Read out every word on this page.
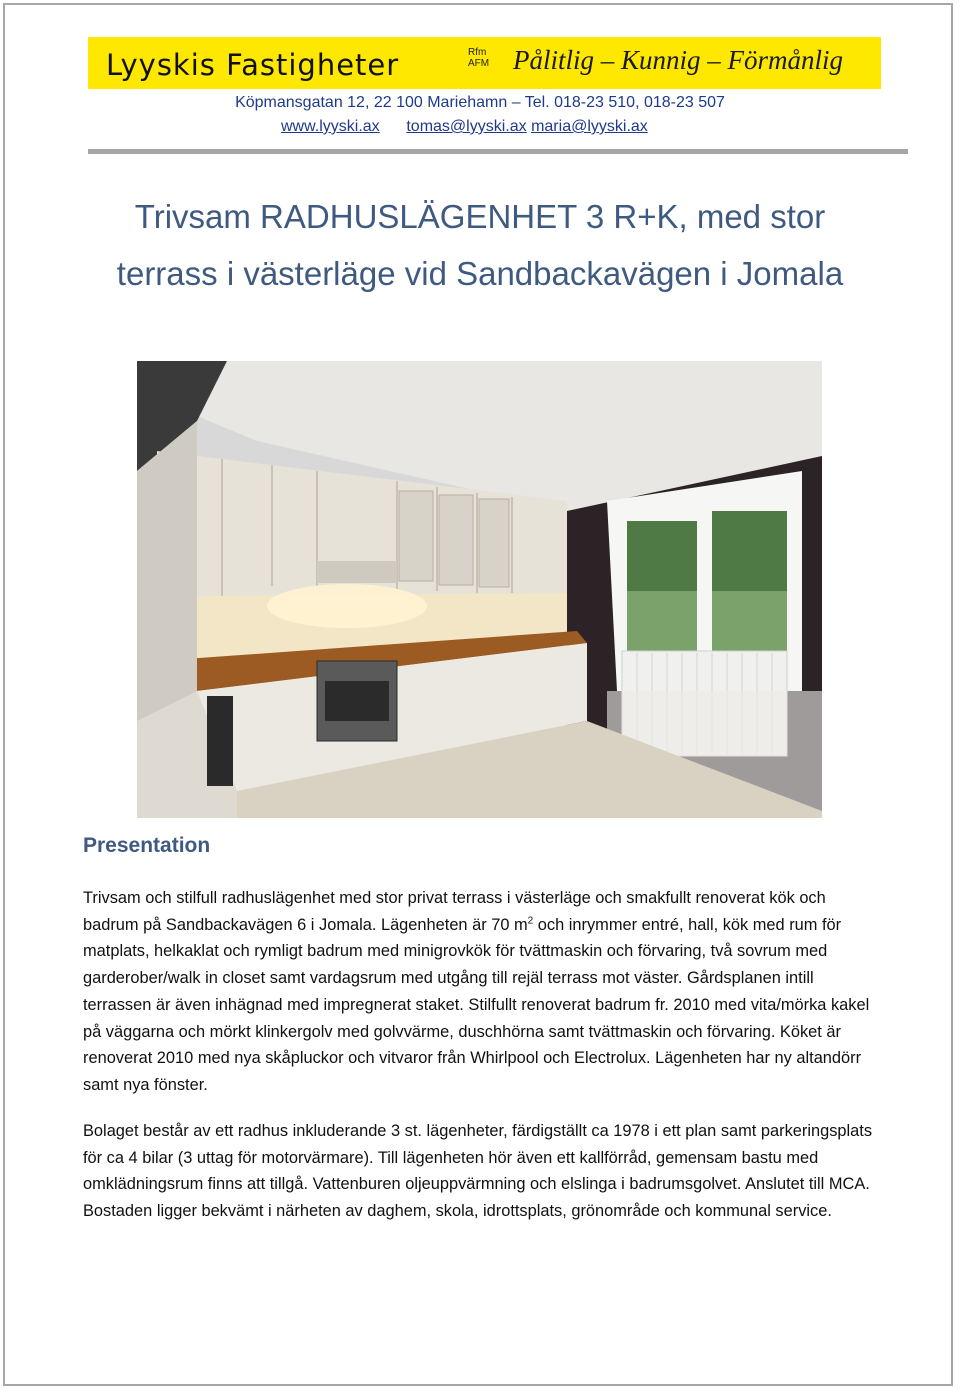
Lyyskis Fastigheter	Rfm
AFM Pålitlig – Kunnig – Förmånlig
Köpmansgatan 12, 22 100 Mariehamn – Tel. 018-23 510, 018-23 507
www.lyyski.ax tomas@lyyski.ax maria@lyyski.ax
Trivsam RADHUSLÄGENHET 3 R+K, med stor
terrass i västerläge vid Sandbackavägen i Jomala
Presentation
Trivsam och stilfull radhuslägenhet med stor privat terrass i västerläge och smakfullt renoverat kök och badrum på Sandbackavägen 6 i Jomala. Lägenheten är 70 $m^2$ och inrymmer entré, hall, kök med rum för matplats, helkaklat och rymligt badrum med minigrovkök för tvättmaskin och förvaring, två sovrum med garderober/walk in closet samt vardagsrum med utgång till rejäl terrass mot väster. Gårdsplanen intill terrassen är även inhägnad med impregnerat staket. Stilfullt renoverat badrum fr. 2010 med vita/mörka kakel på väggarna och mörkt klinkergolv med golvvärme, duschhörna samt tvättmaskin och förvaring. Köket är renoverat 2010 med nya skåpluckor och vitvaror från Whirlpool och Electrolux. Lägenheten har ny altandörr samt nya fönster.
Bolaget består av ett radhus inkluderande 3 st. lägenheter, färdigställt ca 1978 i ett plan samt parkeringsplats för ca 4 bilar (3 uttag för motorvärmare). Till lägenheten hör även ett kallförråd, gemensam bastu med omklädningsrum finns att tillgå. Vattenburen oljeuppvärmning och elslinga i badrumsgolvet. Anslutet till MCA. Bostaden ligger bekvämt i närheten av daghem, skola, idrottsplats, grönområde och kommunal service.
